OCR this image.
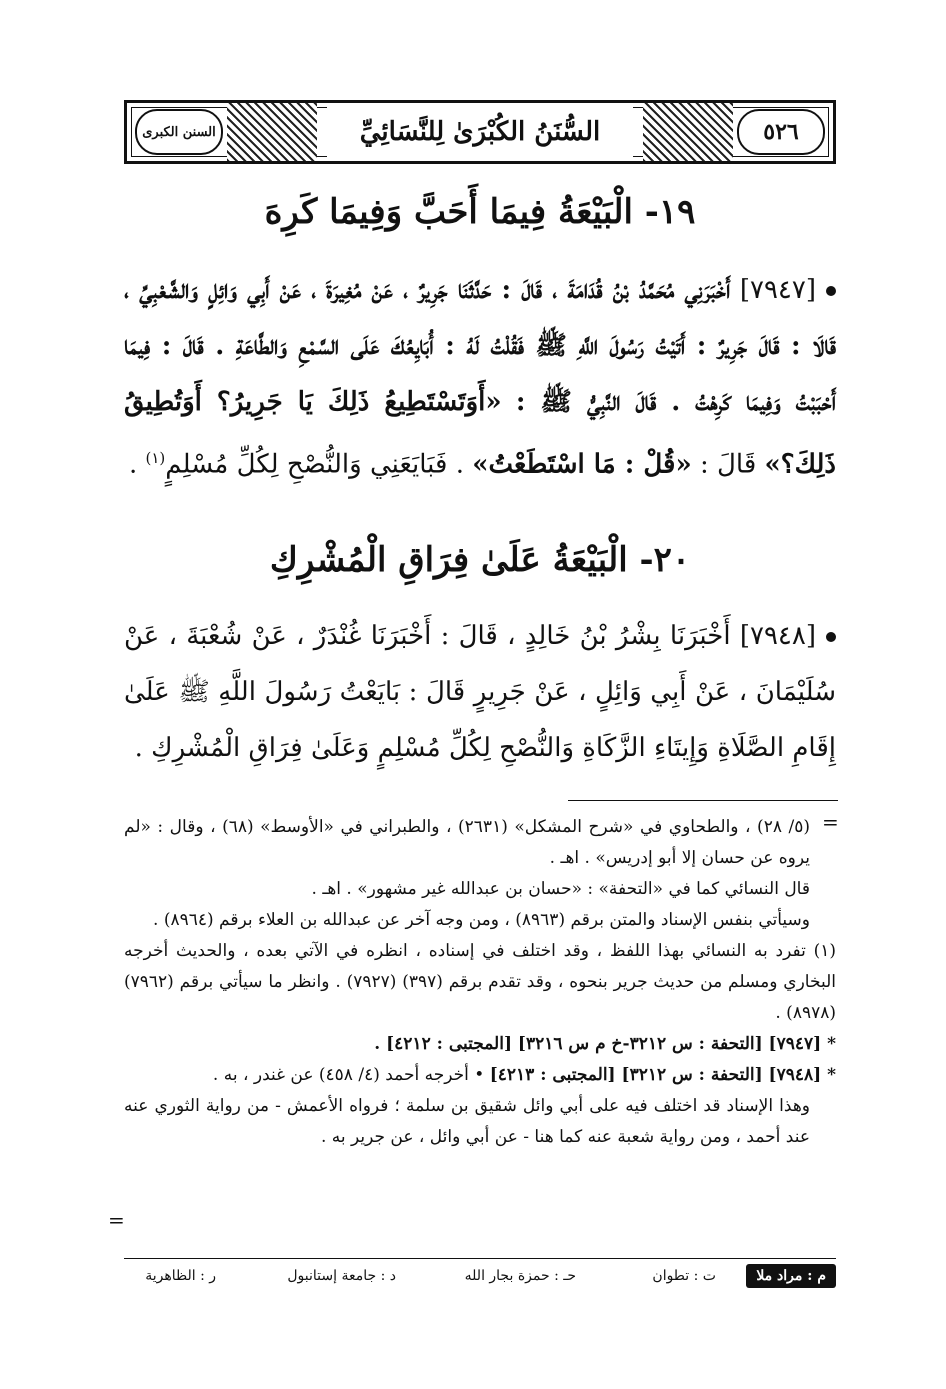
السنن الكبرى	السُّنَنُ الكُبْرَىٰ لِلنَّسَائِيِّ	٥٢٦
١٩- الْبَيْعَةُ فِيمَا أَحَبَّ وَفِيمَا كَرِهَ
[٧٩٤٧] أَخْبَرَنِي مُحَمَّدُ بْنُ قُدَامَةَ ، قَالَ : حَدَّثَنَا جَرِيرٌ ، عَنْ مُغِيرَةَ ، عَنْ أَبِي وَائِلٍ وَالشَّعْبِيِّ ، قَالَا : قَالَ جَرِيرٌ : أَتَيْتُ رَسُولَ اللَّهِ ﷺ فَقُلْتُ لَهُ : أُبَايِعُكَ عَلَى السَّمْعِ وَالطَّاعَةِ . قَالَ : فِيمَا أَحْبَبْتُ وَفِيمَا كَرِهْتُ . قَالَ النَّبِيُّ ﷺ : «أَوَتَسْتَطِيعُ ذَلِكَ يَا جَرِيرُ؟ أَوَتُطِيقُ ذَلِكَ؟» قَالَ : «قُلْ : مَا اسْتَطَعْتُ» . فَبَايَعَنِي وَالنُّصْحِ لِكُلِّ مُسْلِمٍ$^{(١)}$ .
٢٠- الْبَيْعَةُ عَلَىٰ فِرَاقِ الْمُشْرِكِ
[٧٩٤٨] أَخْبَرَنَا بِشْرُ بْنُ خَالِدٍ ، قَالَ : أَخْبَرَنَا غُنْدَرٌ ، عَنْ شُعْبَةَ ، عَنْ سُلَيْمَانَ ، عَنْ أَبِي وَائِلٍ ، عَنْ جَرِيرٍ قَالَ : بَايَعْتُ رَسُولَ اللَّهِ ﷺ عَلَىٰ إِقَامِ الصَّلَاةِ وَإِيتَاءِ الزَّكَاةِ وَالنُّصْحِ لِكُلِّ مُسْلِمٍ وَعَلَىٰ فِرَاقِ الْمُشْرِكِ .
=

(٥/ ٢٨) ، والطحاوي في «شرح المشكل» (٢٦٣١) ، والطبراني في «الأوسط» (٦٨) ، وقال : «لم يروه عن حسان إلا أبو إدريس» . اهـ .

قال النسائي كما في «التحفة» : «حسان بن عبدالله غير مشهور» . اهـ .

وسيأتي بنفس الإسناد والمتن برقم (٨٩٦٣) ، ومن وجه آخر عن عبدالله بن العلاء برقم (٨٩٦٤) .

(١) تفرد به النسائي بهذا اللفظ ، وقد اختلف في إسناده ، انظره في الآتي بعده ، والحديث أخرجه البخاري ومسلم من حديث جرير بنحوه ، وقد تقدم برقم (٣٩٧) (٧٩٢٧) . وانظر ما سيأتي برقم (٧٩٦٢) (٨٩٧٨) .

* [٧٩٤٧] [التحفة : س ٣٢١٢-خ م س ٣٢١٦] [المجتبى : ٤٢١٢] .

* [٧٩٤٨] [التحفة : س ٣٢١٢] [المجتبى : ٤٢١٣] • أخرجه أحمد (٤/ ٤٥٨) عن غندر ، به .

وهذا الإسناد قد اختلف فيه على أبي وائل شقيق بن سلمة ؛ فرواه الأعمش - من رواية الثوري عنه عند أحمد ، ومن رواية شعبة عنه كما هنا - عن أبي وائل ، عن جرير به .

=
م : مراد ملا
ت : تطوان
حـ : حمزة بجار الله
د : جامعة إستانبول
ر : الظاهرية
